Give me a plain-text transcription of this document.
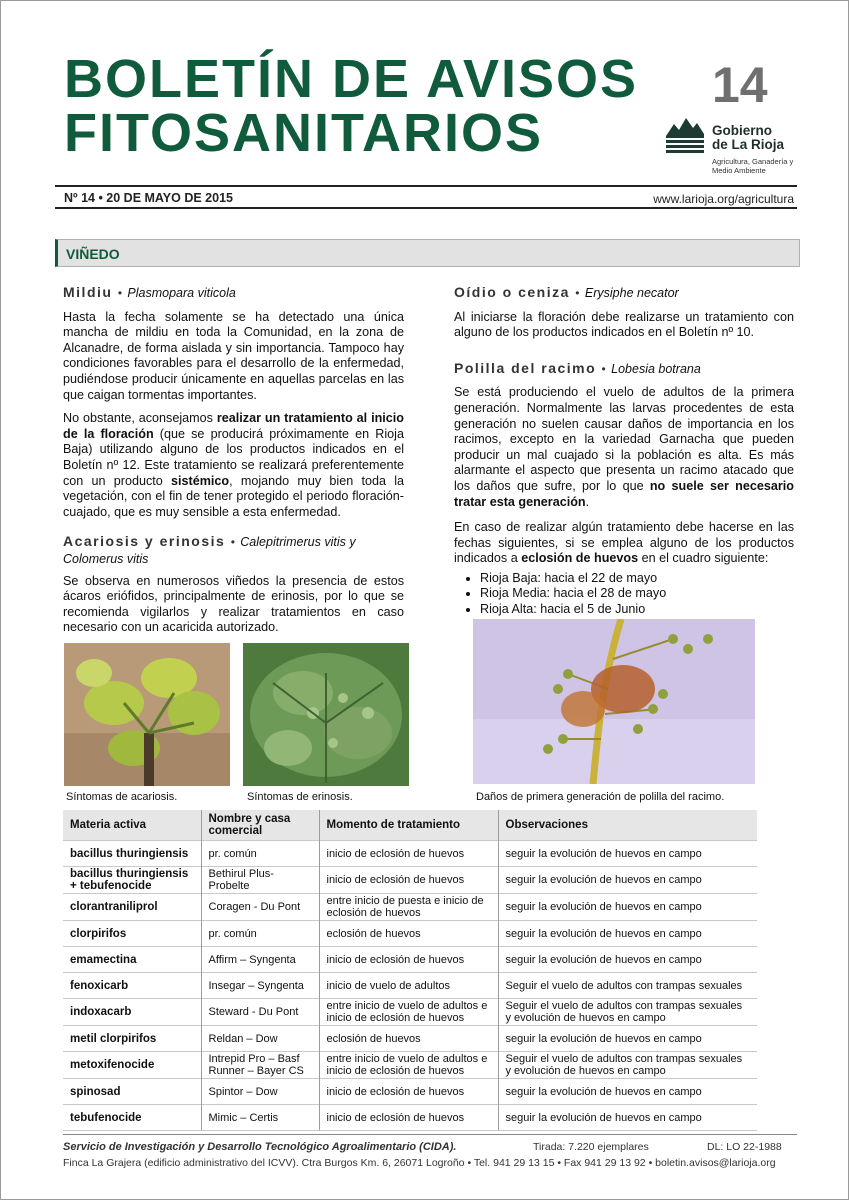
BOLETÍN DE AVISOS
FITOSANITARIOS
14
Gobierno
de La Rioja
Agricultura, Ganadería y Medio Ambiente
Nº 14 • 20 DE MAYO DE 2015	www.larioja.org/agricultura
VIÑEDO
Mildiu • Plasmopara viticola

Hasta la fecha solamente se ha detectado una única mancha de mildiu en toda la Comunidad, en la zona de Alcanadre, de forma aislada y sin importancia. Tampoco hay condiciones favorables para el desarrollo de la enfermedad, pudiéndose producir únicamente en aquellas parcelas en las que caigan tormentas importantes.

No obstante, aconsejamos realizar un tratamiento al inicio de la floración (que se producirá próximamente en Rioja Baja) utilizando alguno de los productos indicados en el Boletín nº 12. Este tratamiento se realizará preferentemente con un producto sistémico, mojando muy bien toda la vegetación, con el fin de tener protegido el periodo floración-cuajado, que es muy sensible a esta enfermedad.

Acariosis y erinosis • Calepitrimerus vitis y Colomerus vitis

Se observa en numerosos viñedos la presencia de estos ácaros eriófidos, principalmente de erinosis, por lo que se recomienda vigilarlos y realizar tratamientos en caso necesario con un acaricida autorizado.

Oídio o ceniza • Erysiphe necator

Al iniciarse la floración debe realizarse un tratamiento con alguno de los productos indicados en el Boletín nº 10.

Polilla del racimo • Lobesia botrana

Se está produciendo el vuelo de adultos de la primera generación. Normalmente las larvas procedentes de esta generación no suelen causar daños de importancia en los racimos, excepto en la variedad Garnacha que pueden producir un mal cuajado si la población es alta. Es más alarmante el aspecto que presenta un racimo atacado que los daños que sufre, por lo que no suele ser necesario tratar esta generación.

En caso de realizar algún tratamiento debe hacerse en las fechas siguientes, si se emplea alguno de los productos indicados a eclosión de huevos en el cuadro siguiente:

• Rioja Baja: hacia el 22 de mayo
• Rioja Media: hacia el 28 de mayo
• Rioja Alta: hacia el 5 de Junio
Síntomas de acariosis.	Síntomas de erinosis.	Daños de primera generación de polilla del racimo.
Materia activa	Nombre y casa comercial	Momento de tratamiento	Observaciones
bacillus thuringiensis	pr. común	inicio de eclosión de huevos	seguir la evolución de huevos en campo
bacillus thuringiensis + tebufenocide	Bethirul Plus-Probelte	inicio de eclosión de huevos	seguir la evolución de huevos en campo
clorantraniliprol	Coragen - Du Pont	entre inicio de puesta e inicio de eclosión de huevos	seguir la evolución de huevos en campo
clorpirifos	pr. común	eclosión de huevos	seguir la evolución de huevos en campo
emamectina	Affirm – Syngenta	inicio de eclosión de huevos	seguir la evolución de huevos en campo
fenoxicarb	Insegar – Syngenta	inicio de vuelo de adultos	Seguir el vuelo de adultos con trampas sexuales
indoxacarb	Steward - Du Pont	entre inicio de vuelo de adultos e inicio de eclosión de huevos	Seguir el vuelo de adultos con trampas sexuales y evolución de huevos en campo
metil clorpirifos	Reldan – Dow	eclosión de huevos	seguir la evolución de huevos en campo
metoxifenocide	Intrepid Pro – Basf Runner – Bayer CS	entre inicio de vuelo de adultos e inicio de eclosión de huevos	Seguir el vuelo de adultos con trampas sexuales y evolución de huevos en campo
spinosad	Spintor – Dow	inicio de eclosión de huevos	seguir la evolución de huevos en campo
tebufenocide	Mimic – Certis	inicio de eclosión de huevos	seguir la evolución de huevos en campo
Servicio de Investigación y Desarrollo Tecnológico Agroalimentario (CIDA).	Tirada: 7.220 ejemplares	DL: LO 22-1988
Finca La Grajera (edificio administrativo del ICVV). Ctra Burgos Km. 6, 26071 Logroño • Tel. 941 29 13 15 • Fax 941 29 13 92 • boletin.avisos@larioja.org
